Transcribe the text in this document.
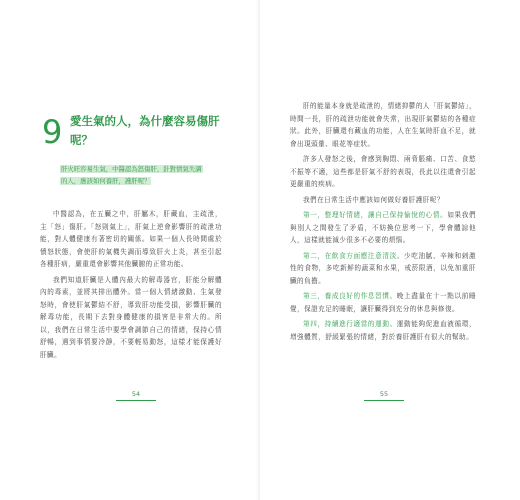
9 愛生氣的人，為什麼容易傷肝呢？
肝火旺容易生氣，中醫認為怒傷肝，針對情氣失調
的人，應該如何養肝，護肝呢？

中醫認為，在五臟之中，肝屬木，肝藏血，主疏泄，主「怒」傷肝。「怒則氣上」，肝氣上逆會影響肝的疏泄功能，對人體健康有著密切的關係。如果一個人長時間處於憤怒狀態，會使肝的氣機失調而導致肝火上炎，甚至引起各種肝病，嚴重還會影響其他臟腑的正常功能。

我們知道肝臟是人體內最大的解毒器官，肝能分解體內的毒素，並將其排出體外。當一個人情緒激動、生氣發怒時，會使肝氣鬱結不舒，導致肝功能受損，影響肝臟的解毒功能，長期下去對身體健康的損害是非常大的。所以，我們在日常生活中要學會調節自己的情緒，保持心情舒暢，遇到事情要冷靜，不要輕易動怒，這樣才能保護好肝臟。

54

肝的能量本身就是疏泄的，情緒抑鬱的人「肝氣鬱結」，時間一長，肝的疏泄功能就會失常，出現肝氣鬱結的各種症狀。此外，肝臟還有藏血的功能，人在生氣時肝血不足，就會出現頭暈、眼花等症狀。

許多人發怒之後，會感到胸悶、兩脅脹痛、口苦、食慾不振等不適，這些都是肝氣不舒的表現，長此以往還會引起更嚴重的疾病。

我們在日常生活中應該如何做好養肝護肝呢？

第一，整理好情緒，讓自己保持愉悅的心情。如果我們與別人之間發生了矛盾，不妨換位思考一下，學會體諒他人，這樣就能減少很多不必要的煩惱。

第二，在飲食方面應注意清淡。少吃油膩、辛辣和刺激性的食物，多吃新鮮的蔬菜和水果，戒菸限酒，以免加重肝臟的負擔。

第三，養成良好的作息習慣。晚上盡量在十一點以前睡覺，保證充足的睡眠，讓肝臟得到充分的休息與修復。

第四，持續進行適當的運動。運動能夠促進血液循環，增強體質，舒緩緊張的情緒，對於養肝護肝有很大的幫助。

55
